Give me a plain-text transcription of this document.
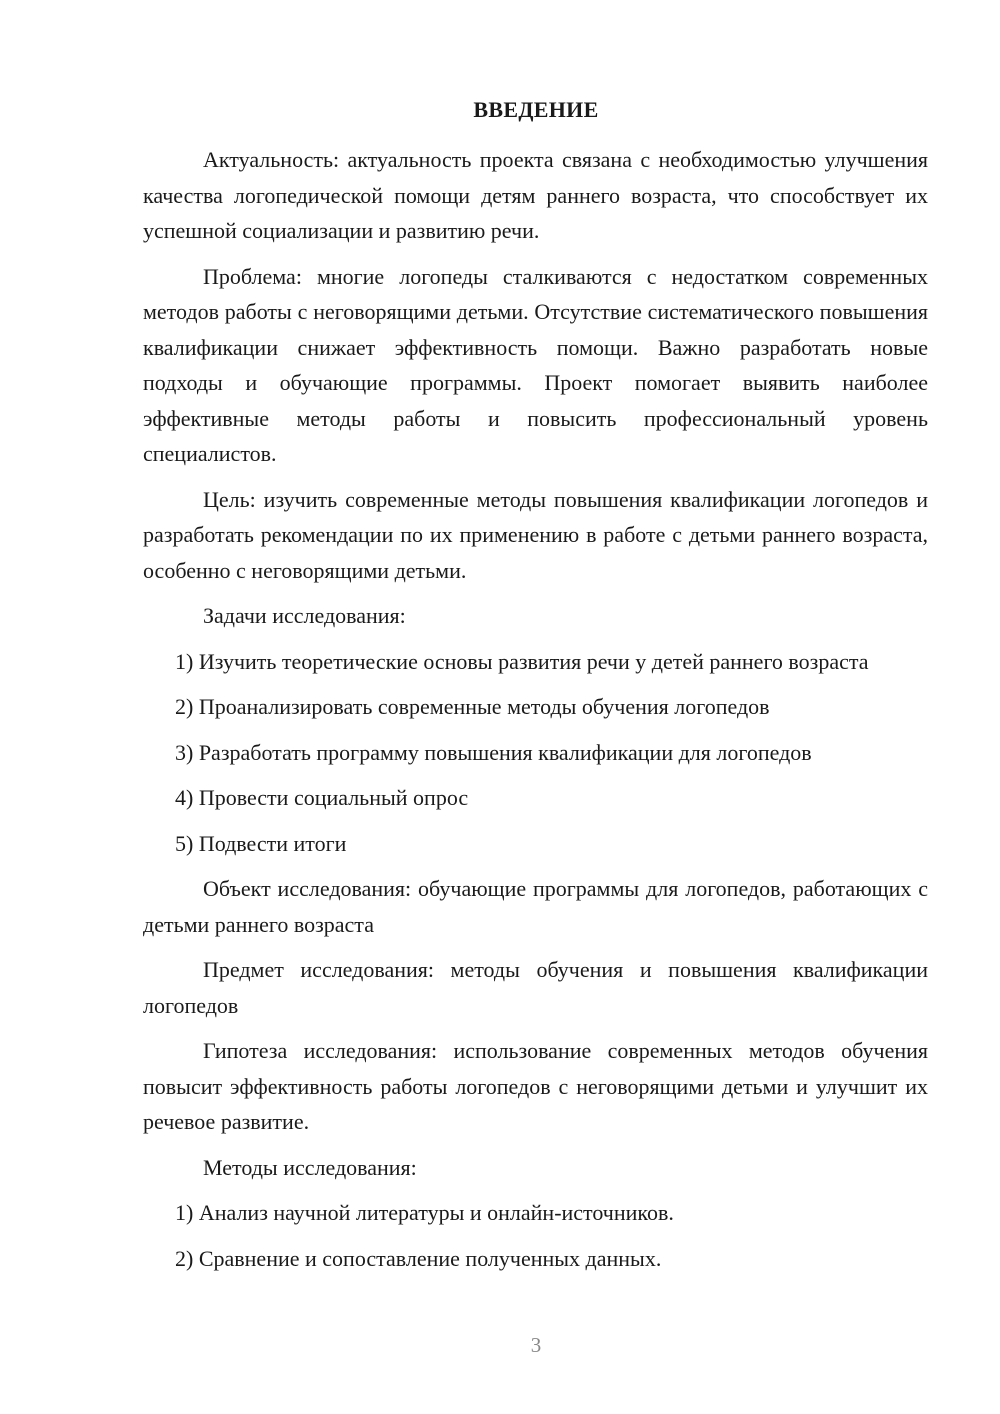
ВВЕДЕНИЕ

Актуальность: актуальность проекта связана с необходимостью улучшения качества логопедической помощи детям раннего возраста, что способствует их успешной социализации и развитию речи.

Проблема: многие логопеды сталкиваются с недостатком современных методов работы с неговорящими детьми. Отсутствие систематического повышения квалификации снижает эффективность помощи. Важно разработать новые подходы и обучающие программы. Проект помогает выявить наиболее эффективные методы работы и повысить профессиональный уровень специалистов.

Цель: изучить современные методы повышения квалификации логопедов и разработать рекомендации по их применению в работе с детьми раннего возраста, особенно с неговорящими детьми.

Задачи исследования:

1) Изучить теоретические основы развития речи у детей раннего возраста

2) Проанализировать современные методы обучения логопедов

3) Разработать программу повышения квалификации для логопедов

4) Провести социальный опрос

5) Подвести итоги

Объект исследования: обучающие программы для логопедов, работающих с детьми раннего возраста

Предмет исследования: методы обучения и повышения квалификации логопедов

Гипотеза исследования: использование современных методов обучения повысит эффективность работы логопедов с неговорящими детьми и улучшит их речевое развитие.

Методы исследования:

1) Анализ научной литературы и онлайн-источников.

2) Сравнение и сопоставление полученных данных.

3
